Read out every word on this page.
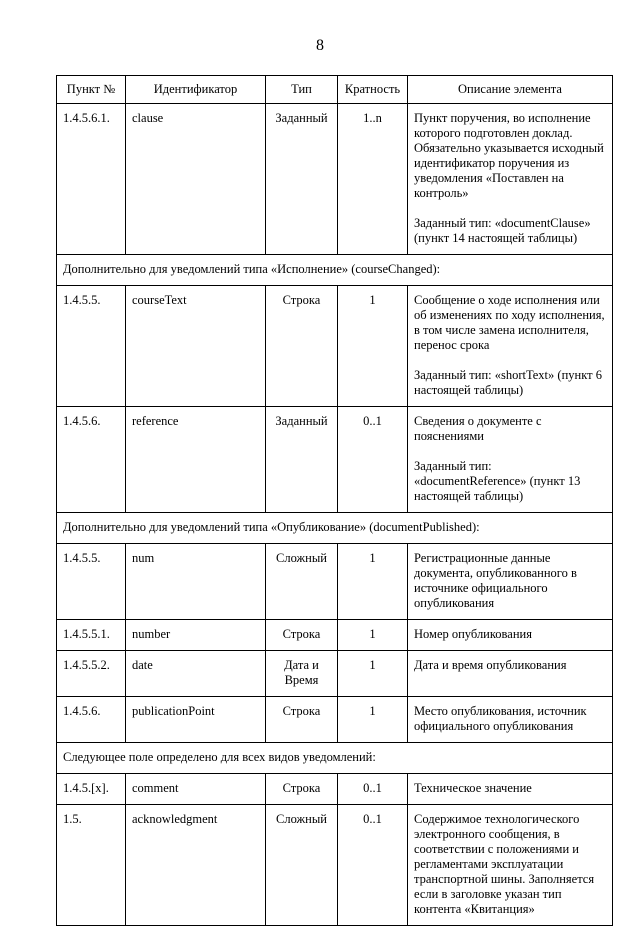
8
Пункт №	Идентификатор	Тип	Кратность	Описание элемента
1.4.5.6.1.	clause	Заданный	1..n	Пункт поручения, во исполнение которого подготовлен доклад. Обязательно указывается исходный идентификатор поручения из уведомления «Поставлен на контроль»
Заданный тип: «documentClause» (пункт 14 настоящей таблицы)

Дополнительно для уведомлений типа «Исполнение» (courseChanged):				
1.4.5.5.	courseText	Строка	1	Сообщение о ходе исполнения или об изменениях по ходу исполнения, в том числе замена исполнителя, перенос срока
Заданный тип: «shortText» (пункт 6 настоящей таблицы)

1.4.5.6.	reference	Заданный	0..1	Сведения о документе с пояснениями
Заданный тип: «documentReference» (пункт 13 настоящей таблицы)

Дополнительно для уведомлений типа «Опубликование» (documentPublished):				
1.4.5.5.	num	Сложный	1	Регистрационные данные документа, опубликованного в источнике официального опубликования

1.4.5.5.1.	number	Строка	1	Номер опубликования

1.4.5.5.2.	date	Дата и Время	1	Дата и время опубликования

1.4.5.6.	publicationPoint	Строка	1	Место опубликования, источник официального опубликования

Следующее поле определено для всех видов уведомлений:				
1.4.5.[x].	comment	Строка	0..1	Техническое значение

1.5.	acknowledgment	Сложный	0..1	Содержимое технологического электронного сообщения, в соответствии с положениями и регламентами эксплуатации транспортной шины. Заполняется если в заголовке указан тип контента «Квитанция»
